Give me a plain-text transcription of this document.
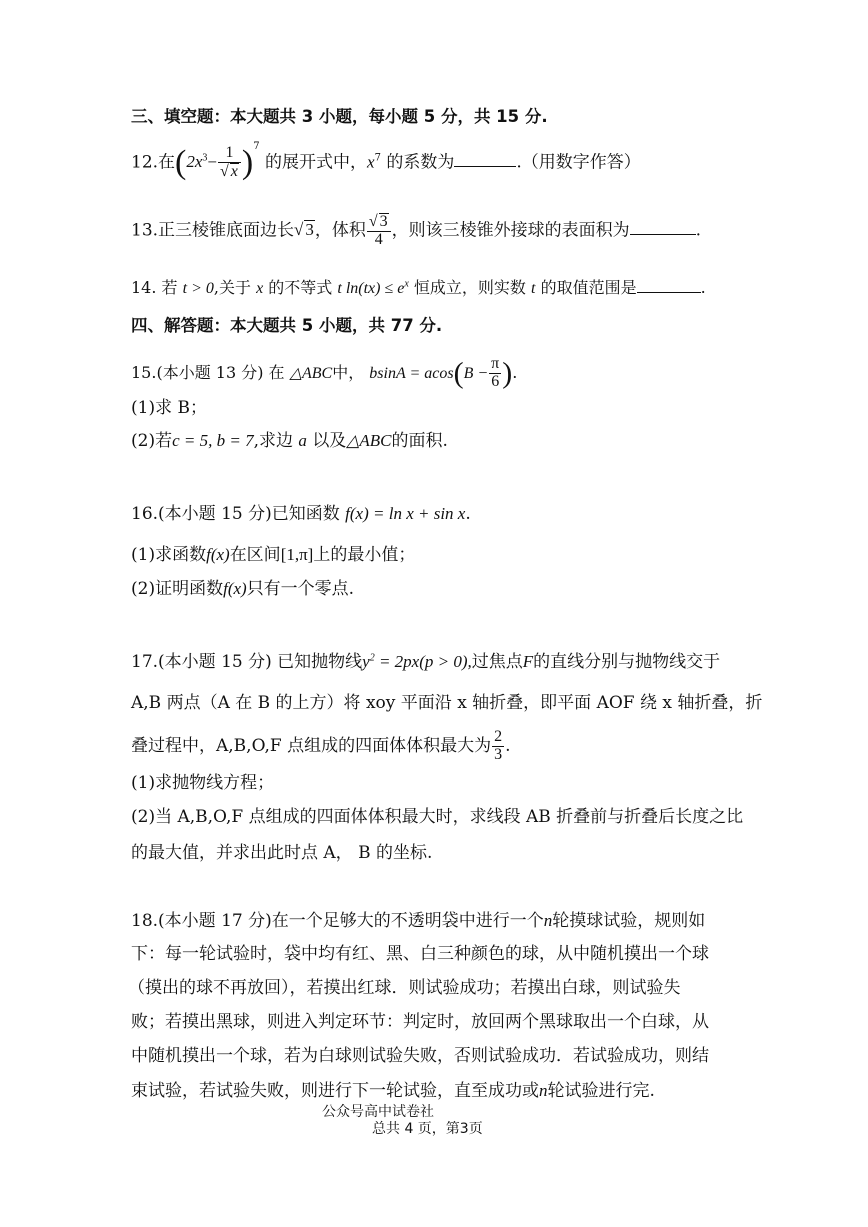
三、填空题：本大题共 3 小题，每小题 5 分，共 15 分.
12.在$(2x^3- \frac{1}{√ x} )^7$ 的展开式中，$x^7$ 的系数为	.（用数字作答）
13.正三棱锥底面边长√ 3，体积 $\frac{√ 3}{4}$ ，则该三棱锥外接球的表面积为	.
14. 若 t > 0,关于 x 的不等式 t $\ln(tx) \le e^x$ 恒成立，则实数 t 的取值范围是	.
四、解答题：本大题共 5 小题，共 77 分.
15.(本小题 13 分) 在 △ABC中， $bsinA = acos(B - \frac{\pi}{6}$ ).
(1)求 B；
(2)若c = 5, b = 7,求边 a 以及△ABC的面积.
16.(本小题 15 分)已知函数 f(x) = ln x + sin x.
(1)求函数f(x)在区间[1,π]上的最小值；
(2)证明函数f(x)只有一个零点.
17.(本小题 15 分) 已知抛物线$y^2 = 2px(p > 0)$,过焦点F的直线分别与抛物线交于
A,B 两点（A 在 B 的上方）将 xoy 平面沿 x 轴折叠，即平面 AOF 绕 x 轴折叠，折
叠过程中，A,B,O,F 点组成的四面体体积最大为 $\frac{2}{3}$ .
(1)求抛物线方程；
(2)当 A,B,O,F 点组成的四面体体积最大时，求线段 AB 折叠前与折叠后长度之比
的最大值，并求出此时点 A， B 的坐标.
18.(本小题 17 分)在一个足够大的不透明袋中进行一个n轮摸球试验，规则如
下：每一轮试验时，袋中均有红、黑、白三种颜色的球，从中随机摸出一个球
（摸出的球不再放回），若摸出红球．则试验成功；若摸出白球，则试验失
败；若摸出黑球，则进入判定环节：判定时，放回两个黑球取出一个白球，从
中随机摸出一个球，若为白球则试验失败，否则试验成功．若试验成功，则结
束试验，若试验失败，则进行下一轮试验，直至成功或n轮试验进行完.
公众号高中试卷社
总共 4 页，第3页
